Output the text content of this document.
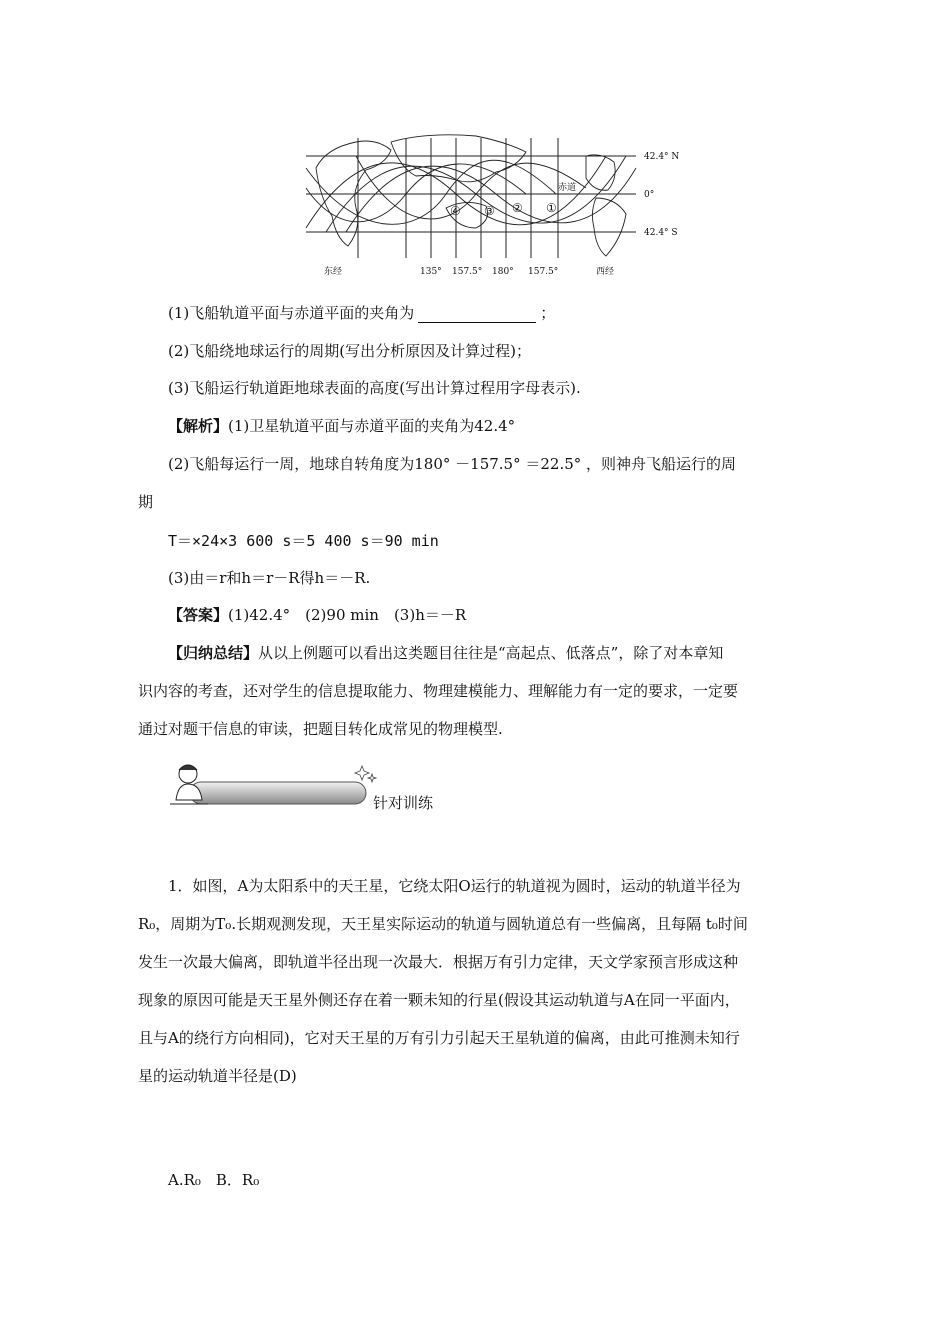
42.4° N
0°
42.4° S
赤道
东经	西经
135° 157.5° 180° 157.5°
①
②
③
④
(1)飞船轨道平面与赤道平面的夹角为	；
(2)飞船绕地球运行的周期(写出分析原因及计算过程)；
(3)飞船运行轨道距地球表面的高度(写出计算过程用字母表示).
【解析】(1)卫星轨道平面与赤道平面的夹角为42.4°
(2)飞船每运行一周，地球自转角度为180° －157.5° ＝22.5° ，则神舟飞船运行的周
期
T＝×24×3 600 s＝5 400 s＝90 min
(3)由＝r和h＝r－R得h＝－R.
【答案】(1)42.4°　(2)90 min　(3)h＝－R
【归纳总结】从以上例题可以看出这类题目往往是“高起点、低落点”，除了对本章知
识内容的考查，还对学生的信息提取能力、物理建模能力、理解能力有一定的要求，一定要
通过对题干信息的审读，把题目转化成常见的物理模型.
针对训练
1．如图，A为太阳系中的天王星，它绕太阳O运行的轨道视为圆时，运动的轨道半径为
R₀，周期为T₀.长期观测发现，天王星实际运动的轨道与圆轨道总有一些偏离，且每隔 t₀时间
发生一次最大偏离，即轨道半径出现一次最大．根据万有引力定律，天文学家预言形成这种
现象的原因可能是天王星外侧还存在着一颗未知的行星(假设其运动轨道与A在同一平面内，
且与A的绕行方向相同)，它对天王星的万有引力引起天王星轨道的偏离，由此可推测未知行
星的运动轨道半径是(D)
A.R₀　B．R₀
